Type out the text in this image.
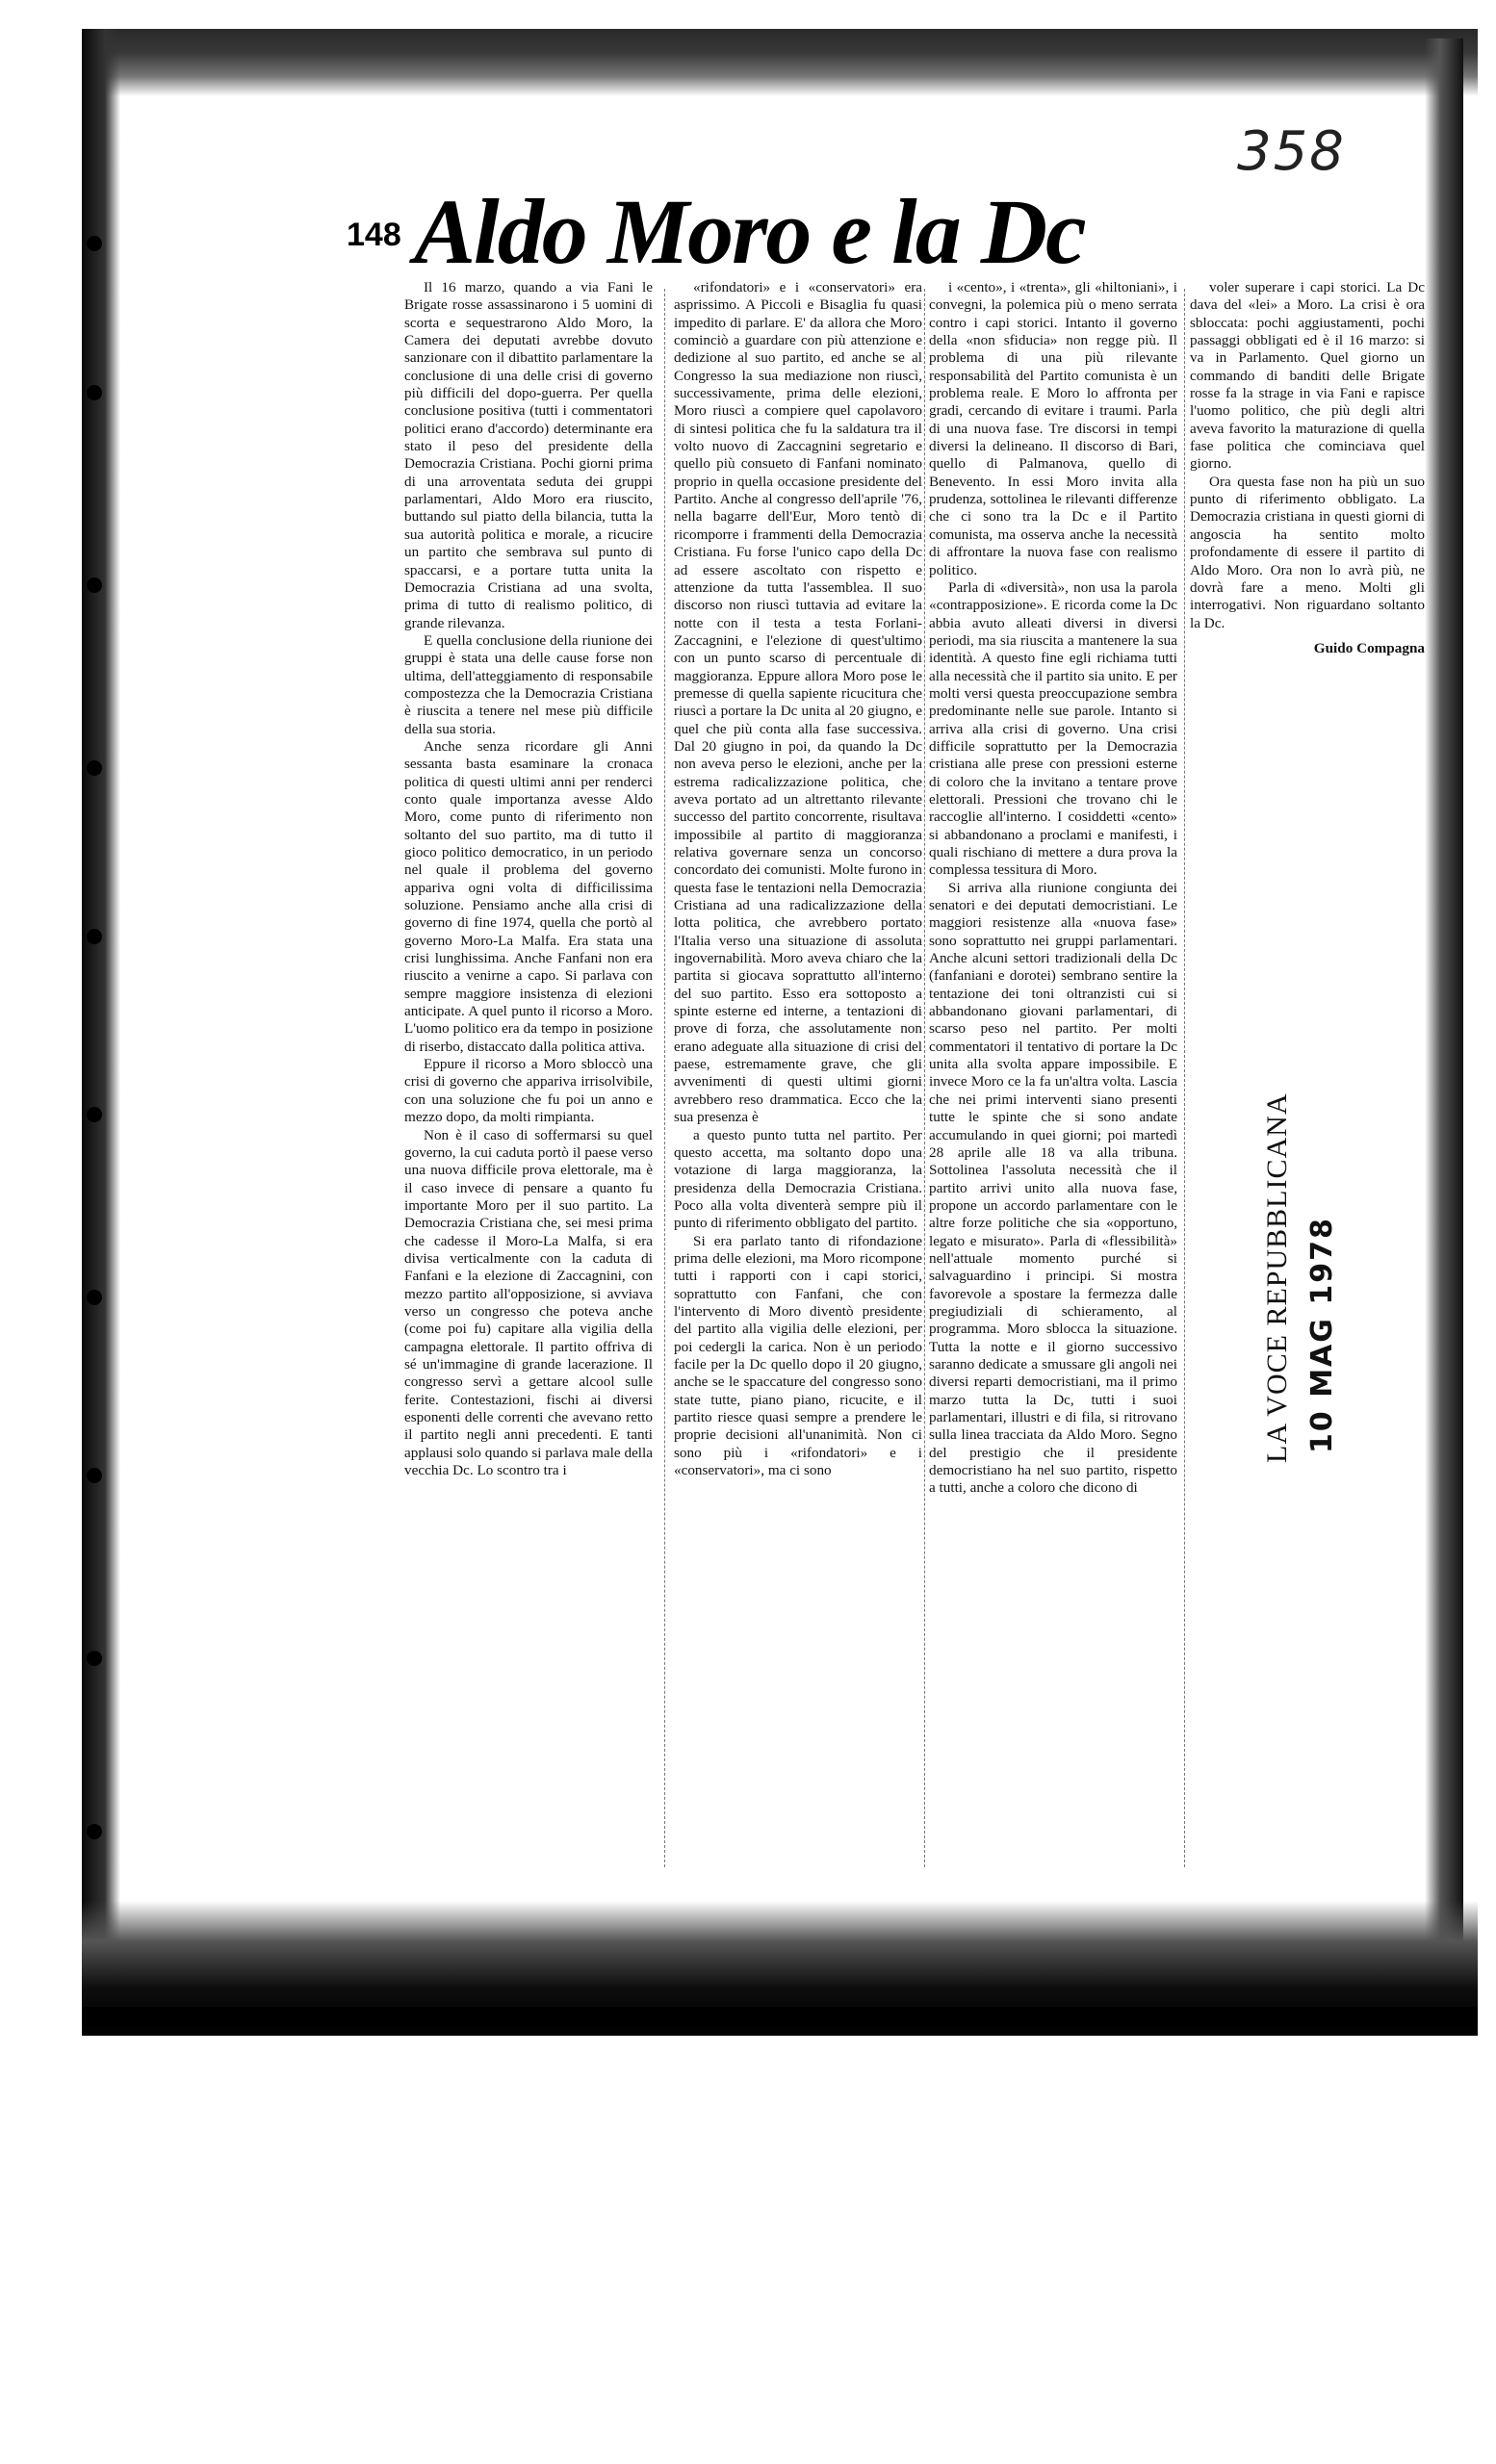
358
148 Aldo Moro e la Dc

Il 16 marzo, quando a via Fani le Brigate rosse assassinarono i 5 uomini di scorta e sequestrarono Aldo Moro, la Camera dei deputati avrebbe dovuto sanzionare con il dibattito parlamentare la conclusione di una delle crisi di governo più difficili del dopo-guerra. Per quella conclusione positiva (tutti i commentatori politici erano d'accordo) determinante era stato il peso del presidente della Democrazia Cristiana. Pochi giorni prima di una arroventata seduta dei gruppi parlamentari, Aldo Moro era riuscito, buttando sul piatto della bilancia, tutta la sua autorità politica e morale, a ricucire un partito che sembrava sul punto di spaccarsi, e a portare tutta unita la Democrazia Cristiana ad una svolta, prima di tutto di realismo politico, di grande rilevanza.

E quella conclusione della riunione dei gruppi è stata una delle cause forse non ultima, dell'atteggiamento di responsabile compostezza che la Democrazia Cristiana è riuscita a tenere nel mese più difficile della sua storia.

Anche senza ricordare gli Anni sessanta basta esaminare la cronaca politica di questi ultimi anni per renderci conto quale importanza avesse Aldo Moro, come punto di riferimento non soltanto del suo partito, ma di tutto il gioco politico democratico, in un periodo nel quale il problema del governo appariva ogni volta di difficilissima soluzione. Pensiamo anche alla crisi di governo di fine 1974, quella che portò al governo Moro-La Malfa. Era stata una crisi lunghissima. Anche Fanfani non era riuscito a venirne a capo. Si parlava con sempre maggiore insistenza di elezioni anticipate. A quel punto il ricorso a Moro. L'uomo politico era da tempo in posizione di riserbo, distaccato dalla politica attiva.

Eppure il ricorso a Moro sbloccò una crisi di governo che appariva irrisolvibile, con una soluzione che fu poi un anno e mezzo dopo, da molti rimpianta.

Non è il caso di soffermarsi su quel governo, la cui caduta portò il paese verso una nuova difficile prova elettorale, ma è il caso invece di pensare a quanto fu importante Moro per il suo partito. La Democrazia Cristiana che, sei mesi prima che cadesse il Moro-La Malfa, si era divisa verticalmente con la caduta di Fanfani e la elezione di Zaccagnini, con mezzo partito all'opposizione, si avviava verso un congresso che poteva anche (come poi fu) capitare alla vigilia della campagna elettorale. Il partito offriva di sé un'immagine di grande lacerazione. Il congresso servì a gettare alcool sulle ferite. Contestazioni, fischi ai diversi esponenti delle correnti che avevano retto il partito negli anni precedenti. E tanti applausi solo quando si parlava male della vecchia Dc. Lo scontro tra i

«rifondatori» e i «conservatori» era asprissimo. A Piccoli e Bisaglia fu quasi impedito di parlare. E' da allora che Moro cominciò a guardare con più attenzione e dedizione al suo partito, ed anche se al Congresso la sua mediazione non riuscì, successivamente, prima delle elezioni, Moro riuscì a compiere quel capolavoro di sintesi politica che fu la saldatura tra il volto nuovo di Zaccagnini segretario e quello più consueto di Fanfani nominato proprio in quella occasione presidente del Partito. Anche al congresso dell'aprile '76, nella bagarre dell'Eur, Moro tentò di ricomporre i frammenti della Democrazia Cristiana. Fu forse l'unico capo della Dc ad essere ascoltato con rispetto e attenzione da tutta l'assemblea. Il suo discorso non riuscì tuttavia ad evitare la notte con il testa a testa Forlani-Zaccagnini, e l'elezione di quest'ultimo con un punto scarso di percentuale di maggioranza. Eppure allora Moro pose le premesse di quella sapiente ricucitura che riuscì a portare la Dc unita al 20 giugno, e quel che più conta alla fase successiva. Dal 20 giugno in poi, da quando la Dc non aveva perso le elezioni, anche per la estrema radicalizzazione politica, che aveva portato ad un altrettanto rilevante successo del partito concorrente, risultava impossibile al partito di maggioranza relativa governare senza un concorso concordato dei comunisti. Molte furono in questa fase le tentazioni nella Democrazia Cristiana ad una radicalizzazione della lotta politica, che avrebbero portato l'Italia verso una situazione di assoluta ingovernabilità. Moro aveva chiaro che la partita si giocava soprattutto all'interno del suo partito. Esso era sottoposto a spinte esterne ed interne, a tentazioni di prove di forza, che assolutamente non erano adeguate alla situazione di crisi del paese, estremamente grave, che gli avvenimenti di questi ultimi giorni avrebbero reso drammatica. Ecco che la sua presenza è

a questo punto tutta nel partito. Per questo accetta, ma soltanto dopo una votazione di larga maggioranza, la presidenza della Democrazia Cristiana. Poco alla volta diventerà sempre più il punto di riferimento obbligato del partito.

Si era parlato tanto di rifondazione prima delle elezioni, ma Moro ricompone tutti i rapporti con i capi storici, soprattutto con Fanfani, che con l'intervento di Moro diventò presidente del partito alla vigilia delle elezioni, per poi cedergli la carica. Non è un periodo facile per la Dc quello dopo il 20 giugno, anche se le spaccature del congresso sono state tutte, piano piano, ricucite, e il partito riesce quasi sempre a prendere le proprie decisioni all'unanimità. Non ci sono più i «rifondatori» e i «conservatori», ma ci sono

i «cento», i «trenta», gli «hiltoniani», i convegni, la polemica più o meno serrata contro i capi storici. Intanto il governo della «non sfiducia» non regge più. Il problema di una più rilevante responsabilità del Partito comunista è un problema reale. E Moro lo affronta per gradi, cercando di evitare i traumi. Parla di una nuova fase. Tre discorsi in tempi diversi la delineano. Il discorso di Bari, quello di Palmanova, quello di Benevento. In essi Moro invita alla prudenza, sottolinea le rilevanti differenze che ci sono tra la Dc e il Partito comunista, ma osserva anche la necessità di affrontare la nuova fase con realismo politico.

Parla di «diversità», non usa la parola «contrapposizione». E ricorda come la Dc abbia avuto alleati diversi in diversi periodi, ma sia riuscita a mantenere la sua identità. A questo fine egli richiama tutti alla necessità che il partito sia unito. E per molti versi questa preoccupazione sembra predominante nelle sue parole. Intanto si arriva alla crisi di governo. Una crisi difficile soprattutto per la Democrazia cristiana alle prese con pressioni esterne di coloro che la invitano a tentare prove elettorali. Pressioni che trovano chi le raccoglie all'interno. I cosiddetti «cento» si abbandonano a proclami e manifesti, i quali rischiano di mettere a dura prova la complessa tessitura di Moro.

Si arriva alla riunione congiunta dei senatori e dei deputati democristiani. Le maggiori resistenze alla «nuova fase» sono soprattutto nei gruppi parlamentari. Anche alcuni settori tradizionali della Dc (fanfaniani e dorotei) sembrano sentire la tentazione dei toni oltranzisti cui si abbandonano giovani parlamentari, di scarso peso nel partito. Per molti commentatori il tentativo di portare la Dc unita alla svolta appare impossibile. E invece Moro ce la fa un'altra volta. Lascia che nei primi interventi siano presenti tutte le spinte che si sono andate accumulando in quei giorni; poi martedì 28 aprile alle 18 va alla tribuna. Sottolinea l'assoluta necessità che il partito arrivi unito alla nuova fase, propone un accordo parlamentare con le altre forze politiche che sia «opportuno, legato e misurato». Parla di «flessibilità» nell'attuale momento purché si salvaguardino i principi. Si mostra favorevole a spostare la fermezza dalle pregiudiziali di schieramento, al programma. Moro sblocca la situazione. Tutta la notte e il giorno successivo saranno dedicate a smussare gli angoli nei diversi reparti democristiani, ma il primo marzo tutta la Dc, tutti i suoi parlamentari, illustri e di fila, si ritrovano sulla linea tracciata da Aldo Moro. Segno del prestigio che il presidente democristiano ha nel suo partito, rispetto a tutti, anche a coloro che dicono di

voler superare i capi storici. La Dc dava del «lei» a Moro. La crisi è ora sbloccata: pochi aggiustamenti, pochi passaggi obbligati ed è il 16 marzo: si va in Parlamento. Quel giorno un commando di banditi delle Brigate rosse fa la strage in via Fani e rapisce l'uomo politico, che più degli altri aveva favorito la maturazione di quella fase politica che cominciava quel giorno.

Ora questa fase non ha più un suo punto di riferimento obbligato. La Democrazia cristiana in questi giorni di angoscia ha sentito molto profondamente di essere il partito di Aldo Moro. Ora non lo avrà più, ne dovrà fare a meno. Molti gli interrogativi. Non riguardano soltanto la Dc.

Guido Compagna
LA VOCE REPUBBLICANA 10 MAG 1978
